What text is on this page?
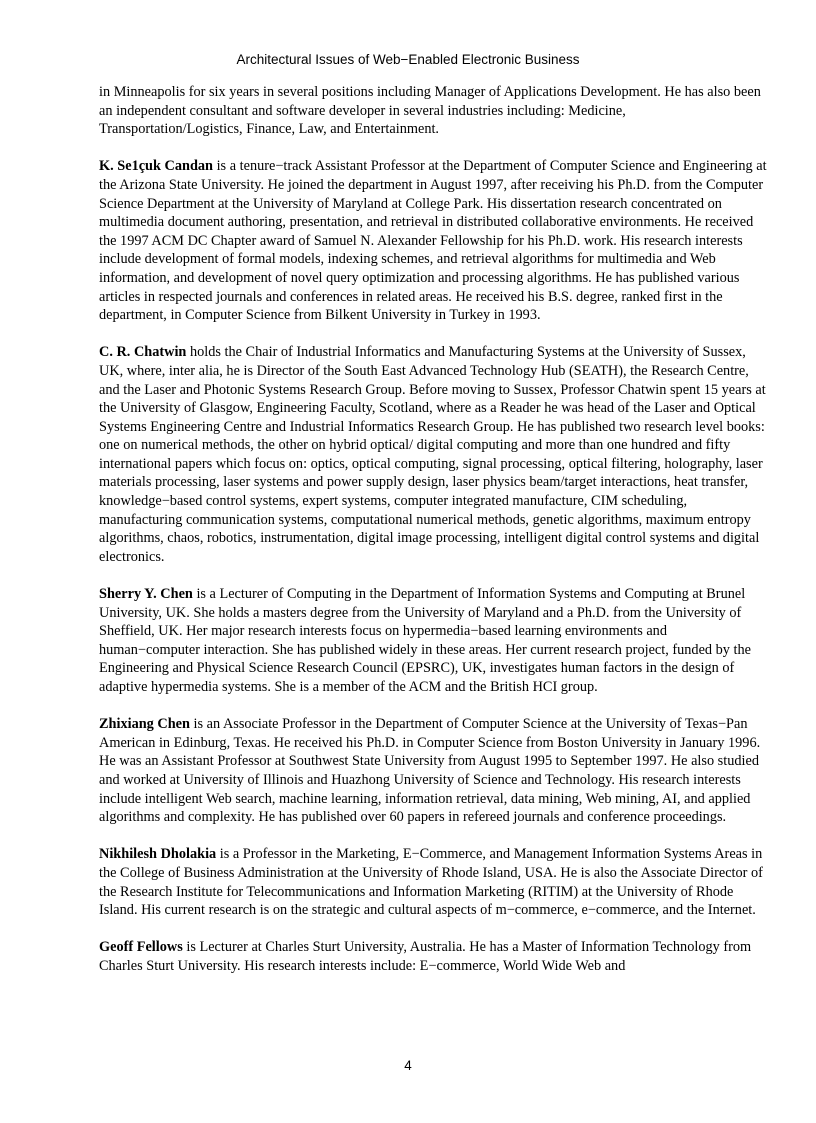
Architectural Issues of Web−Enabled Electronic Business

in Minneapolis for six years in several positions including Manager of Applications Development. He has also been an independent consultant and software developer in several industries including: Medicine, Transportation/Logistics, Finance, Law, and Entertainment.

K. Se1çuk Candan is a tenure−track Assistant Professor at the Department of Computer Science and Engineering at the Arizona State University. He joined the department in August 1997, after receiving his Ph.D. from the Computer Science Department at the University of Maryland at College Park. His dissertation research concentrated on multimedia document authoring, presentation, and retrieval in distributed collaborative environments. He received the 1997 ACM DC Chapter award of Samuel N. Alexander Fellowship for his Ph.D. work. His research interests include development of formal models, indexing schemes, and retrieval algorithms for multimedia and Web information, and development of novel query optimization and processing algorithms. He has published various articles in respected journals and conferences in related areas. He received his B.S. degree, ranked first in the department, in Computer Science from Bilkent University in Turkey in 1993.

C. R. Chatwin holds the Chair of Industrial Informatics and Manufacturing Systems at the University of Sussex, UK, where, inter alia, he is Director of the South East Advanced Technology Hub (SEATH), the Research Centre, and the Laser and Photonic Systems Research Group. Before moving to Sussex, Professor Chatwin spent 15 years at the University of Glasgow, Engineering Faculty, Scotland, where as a Reader he was head of the Laser and Optical Systems Engineering Centre and Industrial Informatics Research Group. He has published two research level books: one on numerical methods, the other on hybrid optical/ digital computing and more than one hundred and fifty international papers which focus on: optics, optical computing, signal processing, optical filtering, holography, laser materials processing, laser systems and power supply design, laser physics beam/target interactions, heat transfer, knowledge−based control systems, expert systems, computer integrated manufacture, CIM scheduling, manufacturing communication systems, computational numerical methods, genetic algorithms, maximum entropy algorithms, chaos, robotics, instrumentation, digital image processing, intelligent digital control systems and digital electronics.

Sherry Y. Chen is a Lecturer of Computing in the Department of Information Systems and Computing at Brunel University, UK. She holds a masters degree from the University of Maryland and a Ph.D. from the University of Sheffield, UK. Her major research interests focus on hypermedia−based learning environments and human−computer interaction. She has published widely in these areas. Her current research project, funded by the Engineering and Physical Science Research Council (EPSRC), UK, investigates human factors in the design of adaptive hypermedia systems. She is a member of the ACM and the British HCI group.

Zhixiang Chen is an Associate Professor in the Department of Computer Science at the University of Texas−Pan American in Edinburg, Texas. He received his Ph.D. in Computer Science from Boston University in January 1996. He was an Assistant Professor at Southwest State University from August 1995 to September 1997. He also studied and worked at University of Illinois and Huazhong University of Science and Technology. His research interests include intelligent Web search, machine learning, information retrieval, data mining, Web mining, AI, and applied algorithms and complexity. He has published over 60 papers in refereed journals and conference proceedings.

Nikhilesh Dholakia is a Professor in the Marketing, E−Commerce, and Management Information Systems Areas in the College of Business Administration at the University of Rhode Island, USA. He is also the Associate Director of the Research Institute for Telecommunications and Information Marketing (RITIM) at the University of Rhode Island. His current research is on the strategic and cultural aspects of m−commerce, e−commerce, and the Internet.

Geoff Fellows is Lecturer at Charles Sturt University, Australia. He has a Master of Information Technology from Charles Sturt University. His research interests include: E−commerce, World Wide Web and

4
